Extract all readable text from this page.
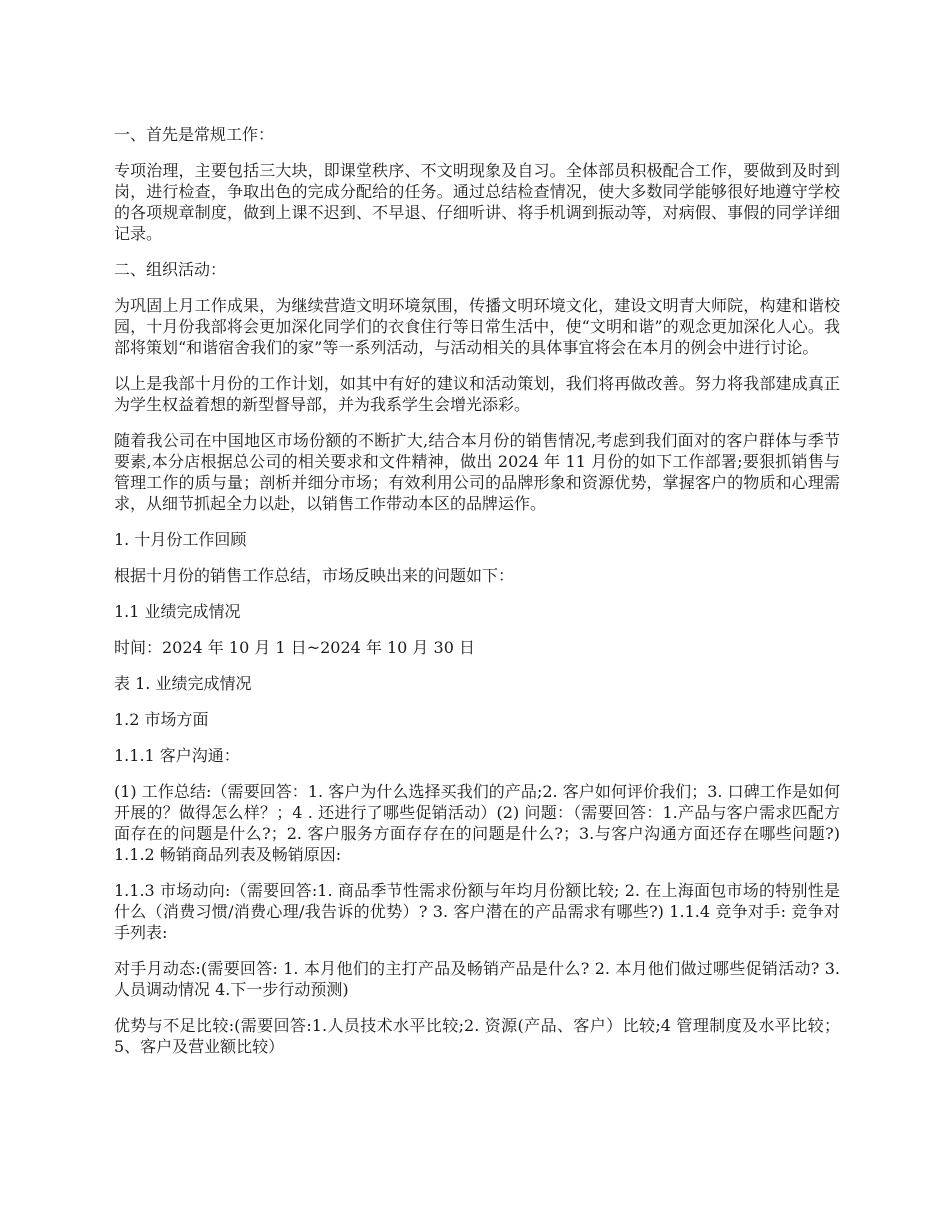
一、首先是常规工作：

专项治理，主要包括三大块，即课堂秩序、不文明现象及自习。全体部员积极配合工作，要做到及时到岗，进行检查，争取出色的完成分配给的任务。通过总结检查情况，使大多数同学能够很好地遵守学校的各项规章制度，做到上课不迟到、不早退、仔细听讲、将手机调到振动等，对病假、事假的同学详细记录。

二、组织活动：

为巩固上月工作成果，为继续营造文明环境氛围，传播文明环境文化，建设文明青大师院，构建和谐校园，十月份我部将会更加深化同学们的衣食住行等日常生活中，使“文明和谐”的观念更加深化人心。我部将策划“和谐宿舍我们的家”等一系列活动，与活动相关的具体事宜将会在本月的例会中进行讨论。

以上是我部十月份的工作计划，如其中有好的建议和活动策划，我们将再做改善。努力将我部建成真正为学生权益着想的新型督导部，并为我系学生会增光添彩。

随着我公司在中国地区市场份额的不断扩大,结合本月份的销售情况,考虑到我们面对的客户群体与季节要素,本分店根据总公司的相关要求和文件精神，做出 2024 年 11 月份的如下工作部署;要狠抓销售与管理工作的质与量；剖析并细分市场；有效利用公司的品牌形象和资源优势，掌握客户的物质和心理需求，从细节抓起全力以赴，以销售工作带动本区的品牌运作。

1. 十月份工作回顾

根据十月份的销售工作总结，市场反映出来的问题如下：

1.1 业绩完成情况

时间：2024 年 10 月 1 日~2024 年 10 月 30 日

表 1. 业绩完成情况

1.2 市场方面

1.1.1 客户沟通：

(1) 工作总结:（需要回答：1. 客户为什么选择买我们的产品;2. 客户如何评价我们；3. 口碑工作是如何开展的？做得怎么样？；4 . 还进行了哪些促销活动）(2) 问题：（需要回答：1.产品与客户需求匹配方面存在的问题是什么?；2. 客户服务方面存存在的问题是什么?；3.与客户沟通方面还存在哪些问题?) 1.1.2 畅销商品列表及畅销原因:

1.1.3 市场动向:（需要回答:1. 商品季节性需求份额与年均月份额比较; 2. 在上海面包市场的特别性是什么（消费习惯/消费心理/我告诉的优势）? 3. 客户潜在的产品需求有哪些?) 1.1.4 竞争对手: 竞争对手列表:

对手月动态:(需要回答: 1. 本月他们的主打产品及畅销产品是什么? 2. 本月他们做过哪些促销活动? 3. 人员调动情况 4.下一步行动预测)

优势与不足比较:(需要回答:1.人员技术水平比较;2. 资源(产品、客户）比较;4 管理制度及水平比较；5、客户及营业额比较）
